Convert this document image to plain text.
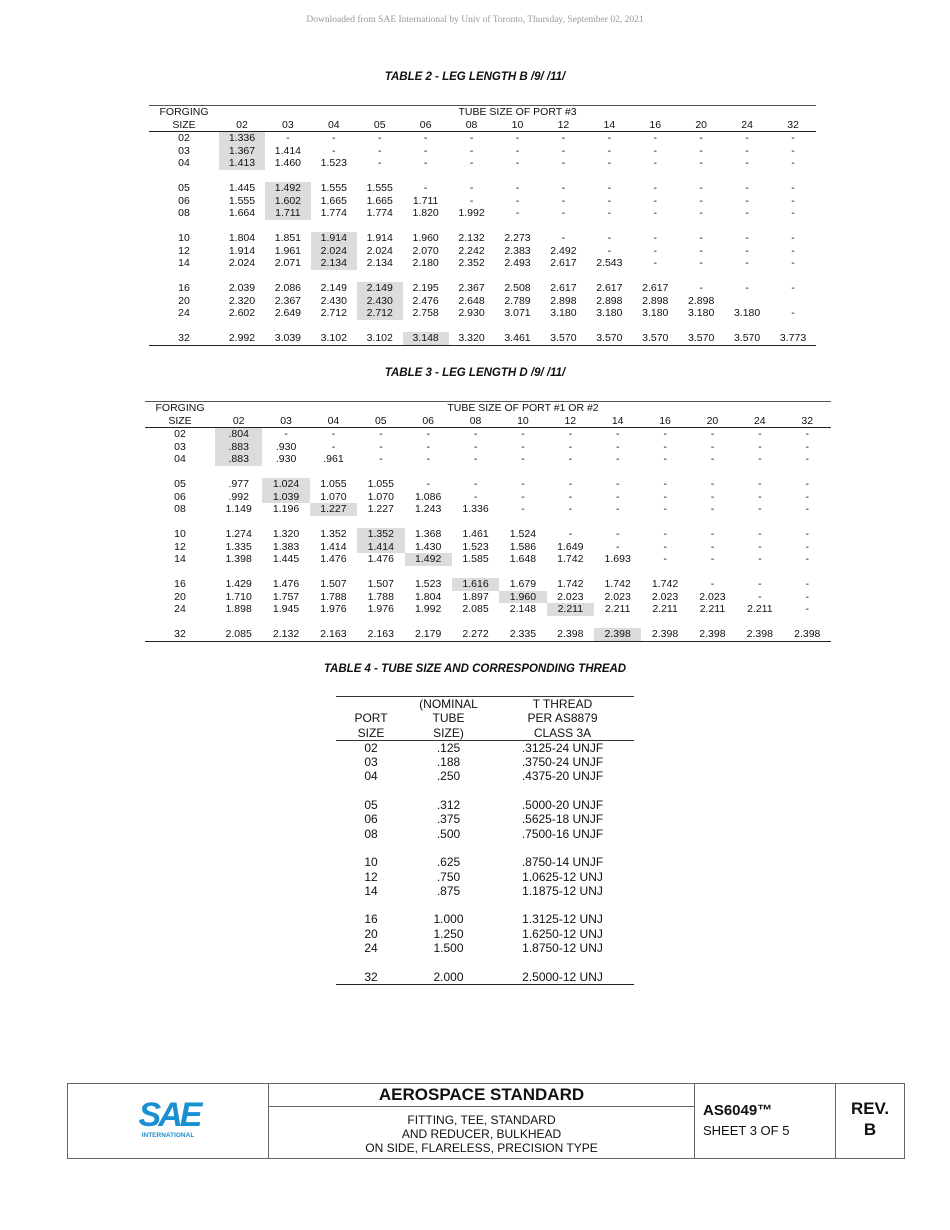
Downloaded from SAE International by Univ of Toronto, Thursday, September 02, 2021
TABLE 2 - LEG LENGTH B /9/ /11/
FORGING	TUBE SIZE OF PORT #3												
SIZE	02	03	04	05	06	08	10	12	14	16	20	24	32
02	1.336	-	-	-	-	-	-	-	-	-	-	-	-
03	1.367	1.414	-	-	-	-	-	-	-	-	-	-	-
04	1.413	1.460	1.523	-	-	-	-	-	-	-	-	-	-

05	1.445	1.492	1.555	1.555	-	-	-	-	-	-	-	-	-
06	1.555	1.602	1.665	1.665	1.711	-	-	-	-	-	-	-	-
08	1.664	1.711	1.774	1.774	1.820	1.992	-	-	-	-	-	-	-

10	1.804	1.851	1.914	1.914	1.960	2.132	2.273	-	-	-	-	-	-
12	1.914	1.961	2.024	2.024	2.070	2.242	2.383	2.492	-	-	-	-	-
14	2.024	2.071	2.134	2.134	2.180	2.352	2.493	2.617	2.543	-	-	-	-

16	2.039	2.086	2.149	2.149	2.195	2.367	2.508	2.617	2.617	2.617	-	-	-
20	2.320	2.367	2.430	2.430	2.476	2.648	2.789	2.898	2.898	2.898	2.898		
24	2.602	2.649	2.712	2.712	2.758	2.930	3.071	3.180	3.180	3.180	3.180	3.180	-

32	2.992	3.039	3.102	3.102	3.148	3.320	3.461	3.570	3.570	3.570	3.570	3.570	3.773
TABLE 3 - LEG LENGTH D /9/ /11/
FORGING	TUBE SIZE OF PORT #1 OR #2												
SIZE	02	03	04	05	06	08	10	12	14	16	20	24	32
02	.804	-	-	-	-	-	-	-	-	-	-	-	-
03	.883	.930	-	-	-	-	-	-	-	-	-	-	-
04	.883	.930	.961	-	-	-	-	-	-	-	-	-	-

05	.977	1.024	1.055	1.055	-	-	-	-	-	-	-	-	-
06	.992	1.039	1.070	1.070	1.086	-	-	-	-	-	-	-	-
08	1.149	1.196	1.227	1.227	1.243	1.336	-	-	-	-	-	-	-

10	1.274	1.320	1.352	1.352	1.368	1.461	1.524	-	-	-	-	-	-
12	1.335	1.383	1.414	1.414	1.430	1.523	1.586	1.649	-	-	-	-	-
14	1.398	1.445	1.476	1.476	1.492	1.585	1.648	1.742	1.693	-	-	-	-

16	1.429	1.476	1.507	1.507	1.523	1.616	1.679	1.742	1.742	1.742	-	-	-
20	1.710	1.757	1.788	1.788	1.804	1.897	1.960	2.023	2.023	2.023	2.023	-	-
24	1.898	1.945	1.976	1.976	1.992	2.085	2.148	2.211	2.211	2.211	2.211	2.211	-

32	2.085	2.132	2.163	2.163	2.179	2.272	2.335	2.398	2.398	2.398	2.398	2.398	2.398
TABLE 4 - TUBE SIZE AND CORRESPONDING THREAD
	(NOMINAL	T THREAD
PORT	TUBE	PER AS8879
SIZE	SIZE)	CLASS 3A
02	.125	.3125-24 UNJF
03	.188	.3750-24 UNJF
04	.250	.4375-20 UNJF

05	.312	.5000-20 UNJF
06	.375	.5625-18 UNJF
08	.500	.7500-16 UNJF

10	.625	.8750-14 UNJF
12	.750	1.0625-12 UNJ
14	.875	1.1875-12 UNJ

16	1.000	1.3125-12 UNJ
20	1.250	1.6250-12 UNJ
24	1.500	1.8750-12 UNJ

32	2.000	2.5000-12 UNJ
SAE
INTERNATIONAL
AEROSPACE STANDARD
FITTING, TEE, STANDARD
AND REDUCER, BULKHEAD
ON SIDE, FLARELESS, PRECISION TYPE
AS6049™
SHEET 3 OF 5
REV.
B
